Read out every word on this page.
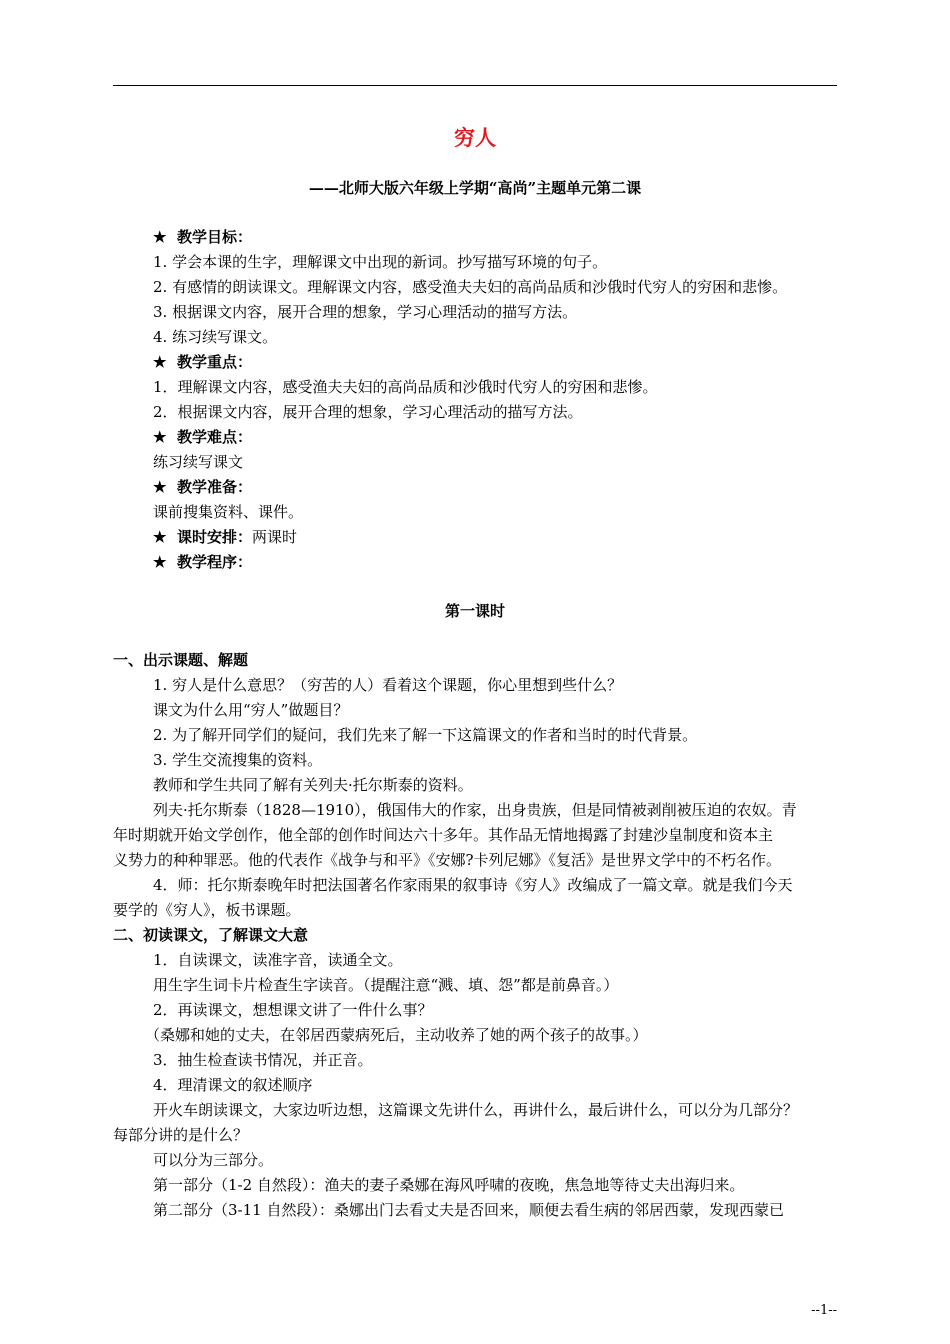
穷人
——北师大版六年级上学期“高尚”主题单元第二课
★ 教学目标：
1. 学会本课的生字，理解课文中出现的新词。抄写描写环境的句子。
2. 有感情的朗读课文。理解课文内容，感受渔夫夫妇的高尚品质和沙俄时代穷人的穷困和悲惨。
3. 根据课文内容，展开合理的想象，学习心理活动的描写方法。
4. 练习续写课文。
★ 教学重点：
1．理解课文内容，感受渔夫夫妇的高尚品质和沙俄时代穷人的穷困和悲惨。
2．根据课文内容，展开合理的想象，学习心理活动的描写方法。
★ 教学难点：
练习续写课文
★ 教学准备：
课前搜集资料、课件。
★ 课时安排：两课时
★ 教学程序：
第一课时
一、出示课题、解题
1. 穷人是什么意思？（穷苦的人）看着这个课题，你心里想到些什么？
课文为什么用“穷人”做题目？
2. 为了解开同学们的疑问，我们先来了解一下这篇课文的作者和当时的时代背景。
3. 学生交流搜集的资料。
教师和学生共同了解有关列夫·托尔斯泰的资料。
列夫·托尔斯泰（1828—1910），俄国伟大的作家，出身贵族，但是同情被剥削被压迫的农奴。青
年时期就开始文学创作，他全部的创作时间达六十多年。其作品无情地揭露了封建沙皇制度和资本主
义势力的种种罪恶。他的代表作《战争与和平》《安娜?卡列尼娜》《复活》是世界文学中的不朽名作。
4．师：托尔斯泰晚年时把法国著名作家雨果的叙事诗《穷人》改编成了一篇文章。就是我们今天
要学的《穷人》，板书课题。
二、初读课文，了解课文大意
1．自读课文，读准字音，读通全文。
用生字生词卡片检查生字读音。（提醒注意“溅、填、怨”都是前鼻音。）
2．再读课文，想想课文讲了一件什么事？
（桑娜和她的丈夫，在邻居西蒙病死后，主动收养了她的两个孩子的故事。）
3．抽生检查读书情况，并正音。
4．理清课文的叙述顺序
开火车朗读课文，大家边听边想，这篇课文先讲什么，再讲什么，最后讲什么，可以分为几部分？
每部分讲的是什么？
可以分为三部分。
第一部分（1-2 自然段）：渔夫的妻子桑娜在海风呼啸的夜晚，焦急地等待丈夫出海归来。
第二部分（3-11 自然段）：桑娜出门去看丈夫是否回来，顺便去看生病的邻居西蒙，发现西蒙已
--1--
